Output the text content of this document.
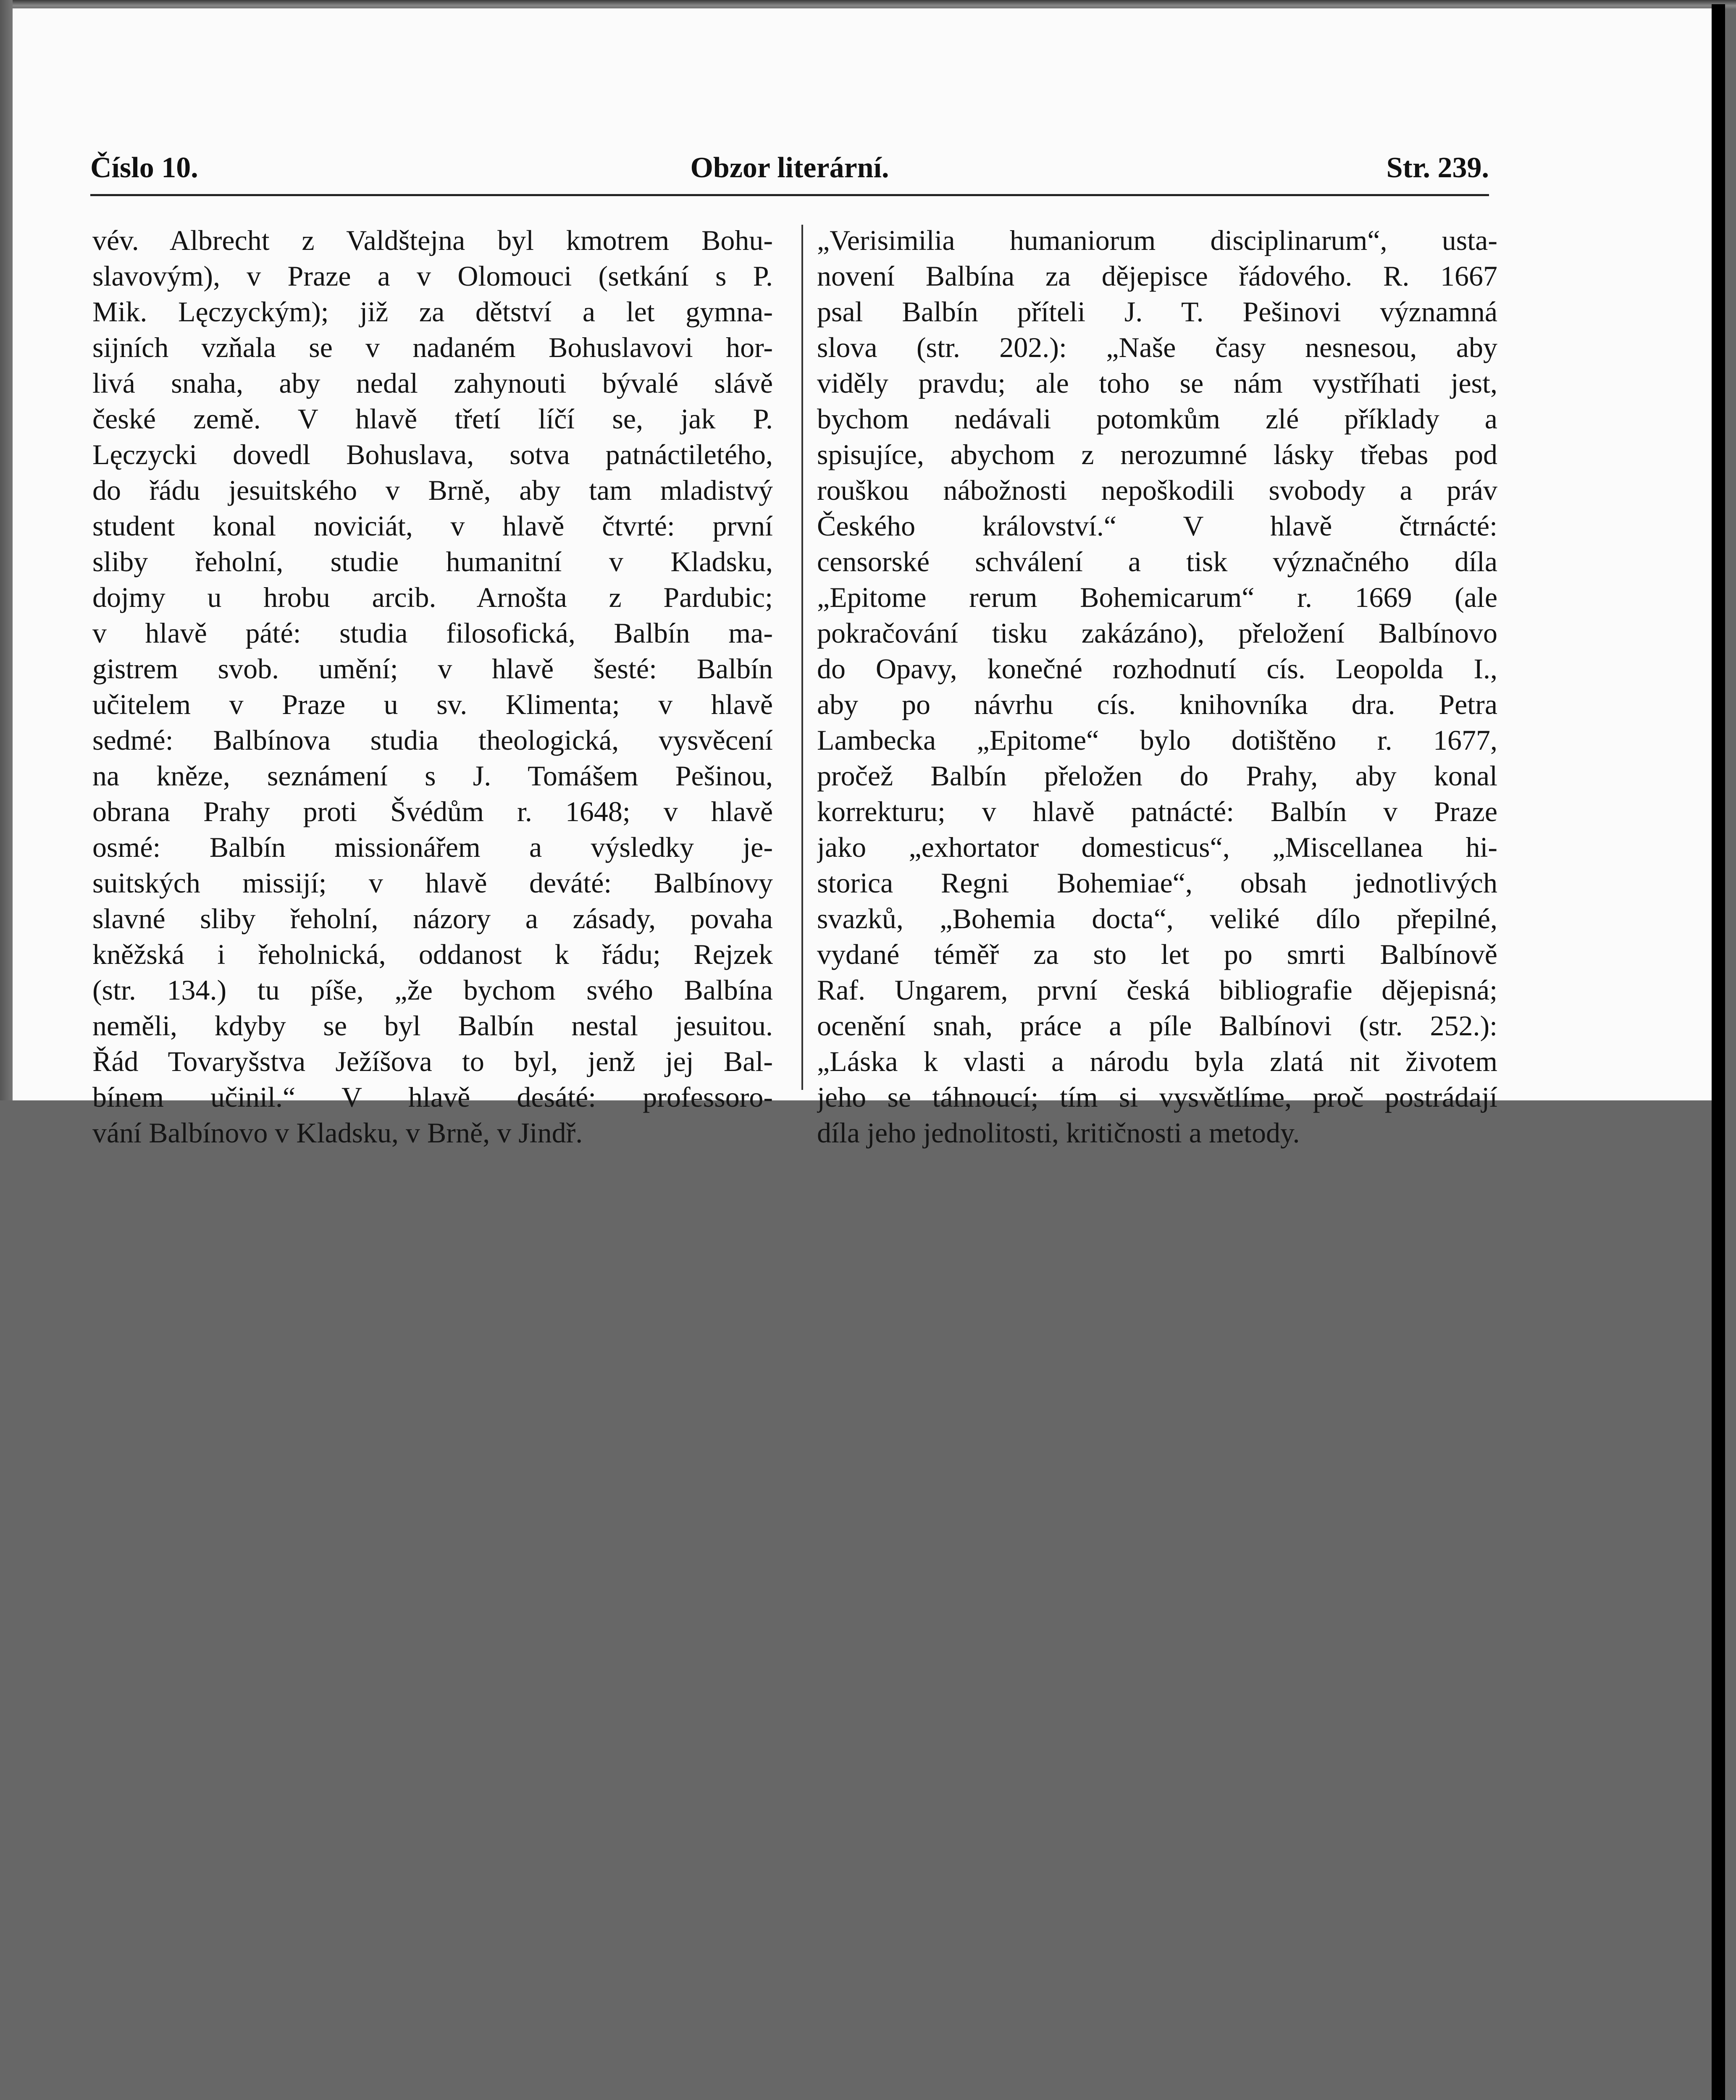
Číslo 10.	Obzor literární.	Str. 239.
vév. Albrecht z Valdštejna byl kmotrem Bohu-
slavovým), v Praze a v Olomouci (setkání s P.
Mik. Lęczyckým); již za dětství a let gymna-
sijních vzňala se v nadaném Bohuslavovi hor-
livá snaha, aby nedal zahynouti bývalé slávě
české země. V hlavě třetí líčí se, jak P.
Lęczycki dovedl Bohuslava, sotva patnáctiletého,
do řádu jesuitského v Brně, aby tam mladistvý
student konal noviciát, v hlavě čtvrté: první
sliby řeholní, studie humanitní v Kladsku,
dojmy u hrobu arcib. Arnošta z Pardubic;
v hlavě páté: studia filosofická, Balbín ma-
gistrem svob. umění; v hlavě šesté: Balbín
učitelem v Praze u sv. Klimenta; v hlavě
sedmé: Balbínova studia theologická, vysvěcení
na kněze, seznámení s J. Tomášem Pešinou,
obrana Prahy proti Švédům r. 1648; v hlavě
osmé: Balbín missionářem a výsledky je-
suitských missijí; v hlavě deváté: Balbínovy
slavné sliby řeholní, názory a zásady, povaha
kněžská i řeholnická, oddanost k řádu; Rejzek
(str. 134.) tu píše, „že bychom svého Balbína
neměli, kdyby se byl Balbín nestal jesuitou.
Řád Tovaryšstva Ježíšova to byl, jenž jej Bal-
bínem učinil.“ V hlavě desáté: professoro-
vání Balbínovo v Kladsku, v Brně, v Jindř.
„Verisimilia humaniorum disciplinarum“, usta-
novení Balbína za dějepisce řádového. R. 1667
psal Balbín příteli J. T. Pešinovi významná
slova (str. 202.): „Naše časy nesnesou, aby
viděly pravdu; ale toho se nám vystříhati jest,
bychom nedávali potomkům zlé příklady a
spisujíce, abychom z nerozumné lásky třebas pod
rouškou nábožnosti nepoškodili svobody a práv
Českého království.“ V hlavě čtrnácté:
censorské schválení a tisk význačného díla
„Epitome rerum Bohemicarum“ r. 1669 (ale
pokračování tisku zakázáno), přeložení Balbínovo
do Opavy, konečné rozhodnutí cís. Leopolda I.,
aby po návrhu cís. knihovníka dra. Petra
Lambecka „Epitome“ bylo dotištěno r. 1677,
pročež Balbín přeložen do Prahy, aby konal
korrekturu; v hlavě patnácté: Balbín v Praze
jako „exhortator domesticus“, „Miscellanea hi-
storica Regni Bohemiae“, obsah jednotlivých
svazků, „Bohemia docta“, veliké dílo přepilné,
vydané téměř za sto let po smrti Balbínově
Raf. Ungarem, první česká bibliografie dějepisná;
ocenění snah, práce a píle Balbínovi (str. 252.):
„Láska k vlasti a národu byla zlatá nit životem
jeho se táhnoucí; tím si vysvětlíme, proč postrádají
díla jeho jednolitosti, kritičnosti a metody.
